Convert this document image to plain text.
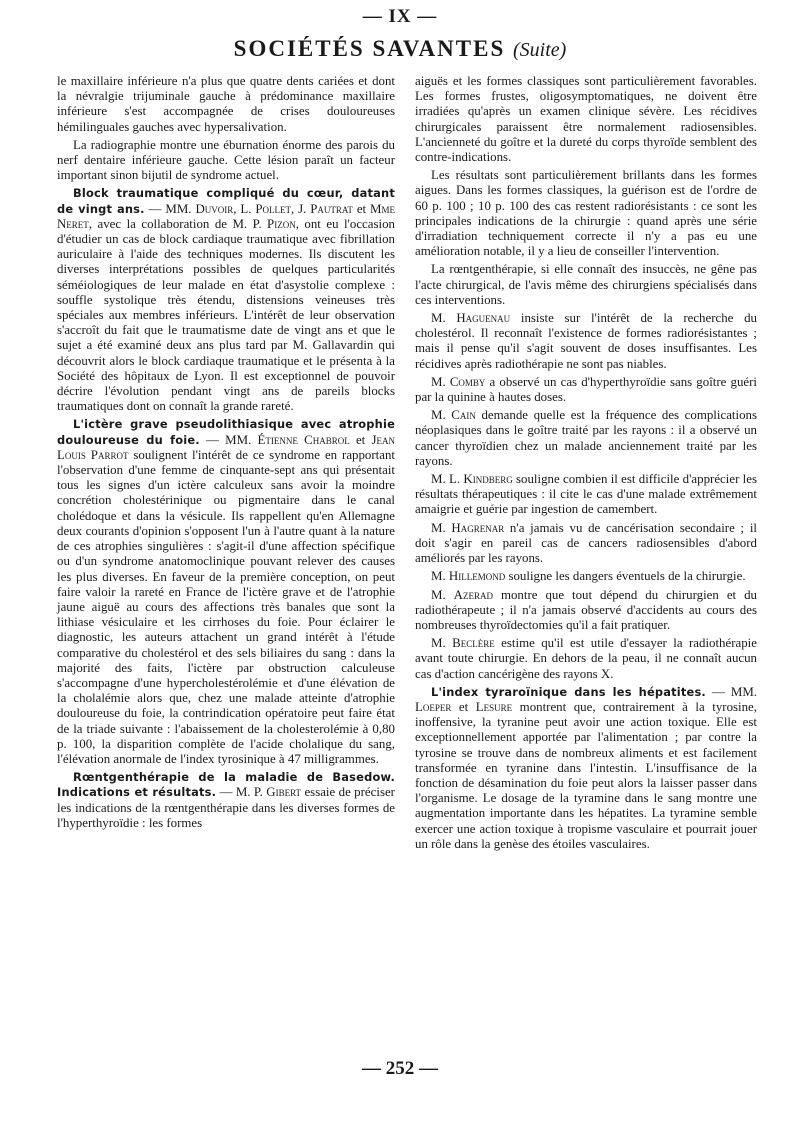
— IX —
SOCIÉTÉS SAVANTES (Suite)

le maxillaire inférieure n'a plus que quatre dents cariées et dont la névralgie trijuminale gauche à prédominance maxillaire inférieure s'est accompagnée de crises douloureuses hémilinguales gauches avec hypersalivation.

La radiographie montre une éburnation énorme des parois du nerf dentaire inférieure gauche. Cette lésion paraît un facteur important sinon bijutil de syndrome actuel.

Block traumatique compliqué du cœur, datant de vingt ans. — MM. Duvoir, L. Pollet, J. Pautrat et Mme Neret, avec la collaboration de M. P. Pizon, ont eu l'occasion d'étudier un cas de block cardiaque traumatique avec fibrillation auriculaire à l'aide des techniques modernes. Ils discutent les diverses interprétations possibles de quelques particularités séméiologiques de leur malade en état d'asystolie complexe : souffle systolique très étendu, distensions veineuses très spéciales aux membres inférieurs. L'intérêt de leur observation s'accroît du fait que le traumatisme date de vingt ans et que le sujet a été examiné deux ans plus tard par M. Gallavardin qui découvrit alors le block cardiaque traumatique et le présenta à la Société des hôpitaux de Lyon. Il est exceptionnel de pouvoir décrire l'évolution pendant vingt ans de pareils blocks traumatiques dont on connaît la grande rareté.

L'ictère grave pseudolithiasique avec atrophie douloureuse du foie. — MM. Étienne Chabrol et Jean Louis Parrot soulignent l'intérêt de ce syndrome en rapportant l'observation d'une femme de cinquante-sept ans qui présentait tous les signes d'un ictère calculeux sans avoir la moindre concrétion cholestérinique ou pigmentaire dans le canal cholédoque et dans la vésicule. Ils rappellent qu'en Allemagne deux courants d'opinion s'opposent l'un à l'autre quant à la nature de ces atrophies singulières : s'agit-il d'une affection spécifique ou d'un syndrome anatomoclinique pouvant relever des causes les plus diverses. En faveur de la première conception, on peut faire valoir la rareté en France de l'ictère grave et de l'atrophie jaune aiguë au cours des affections très banales que sont la lithiase vésiculaire et les cirrhoses du foie. Pour éclairer le diagnostic, les auteurs attachent un grand intérêt à l'étude comparative du cholestérol et des sels biliaires du sang : dans la majorité des faits, l'ictère par obstruction calculeuse s'accompagne d'une hypercholestérolémie et d'une élévation de la cholalémie alors que, chez une malade atteinte d'atrophie douloureuse du foie, la contrindication opératoire peut faire état de la triade suivante : l'abaissement de la cholesterolémie à 0,80 p. 100, la disparition complète de l'acide cholalique du sang, l'élévation anormale de l'index tyrosinique à 47 milligrammes.

Rœntgenthérapie de la maladie de Basedow. Indications et résultats. — M. P. Gibert essaie de préciser les indications de la rœntgenthérapie dans les diverses formes de l'hyperthyroïdie : les formes

aiguës et les formes classiques sont particulièrement favorables. Les formes frustes, oligosymptomatiques, ne doivent être irradiées qu'après un examen clinique sévère. Les récidives chirurgicales paraissent être normalement radiosensibles. L'ancienneté du goître et la dureté du corps thyroïde semblent des contre-indications.

Les résultats sont particulièrement brillants dans les formes aigues. Dans les formes classiques, la guérison est de l'ordre de 60 p. 100 ; 10 p. 100 des cas restent radiorésistants : ce sont les principales indications de la chirurgie : quand après une série d'irradiation techniquement correcte il n'y a pas eu une amélioration notable, il y a lieu de conseiller l'intervention.

La rœntgenthérapie, si elle connaît des insuccès, ne gêne pas l'acte chirurgical, de l'avis même des chirurgiens spécialisés dans ces interventions.

M. Haguenau insiste sur l'intérêt de la recherche du cholestérol. Il reconnaît l'existence de formes radiorésistantes ; mais il pense qu'il s'agit souvent de doses insuffisantes. Les récidives après radiothérapie ne sont pas niables.

M. Comby a observé un cas d'hyperthyroïdie sans goître guéri par la quinine à hautes doses.

M. Cain demande quelle est la fréquence des complications néoplasiques dans le goître traité par les rayons : il a observé un cancer thyroïdien chez un malade anciennement traité par les rayons.

M. L. Kindberg souligne combien il est difficile d'apprécier les résultats thérapeutiques : il cite le cas d'une malade extrêmement amaigrie et guérie par ingestion de camembert.

M. Hagrenar n'a jamais vu de cancérisation secondaire ; il doit s'agir en pareil cas de cancers radiosensibles d'abord améliorés par les rayons.

M. Hillemond souligne les dangers éventuels de la chirurgie.

M. Azerad montre que tout dépend du chirurgien et du radiothérapeute ; il n'a jamais observé d'accidents au cours des nombreuses thyroïdectomies qu'il a fait pratiquer.

M. Beclère estime qu'il est utile d'essayer la radiothérapie avant toute chirurgie. En dehors de la peau, il ne connaît aucun cas d'action cancérigène des rayons X.

L'index tyraroïnique dans les hépatites. — MM. Loeper et Lesure montrent que, contrairement à la tyrosine, inoffensive, la tyranine peut avoir une action toxique. Elle est exceptionnellement apportée par l'alimentation ; par contre la tyrosine se trouve dans de nombreux aliments et est facilement transformée en tyranine dans l'intestin. L'insuffisance de la fonction de désamination du foie peut alors la laisser passer dans l'organisme. Le dosage de la tyramine dans le sang montre une augmentation importante dans les hépatites. La tyramine semble exercer une action toxique à tropisme vasculaire et pourrait jouer un rôle dans la genèse des étoiles vasculaires.

— 252 —
